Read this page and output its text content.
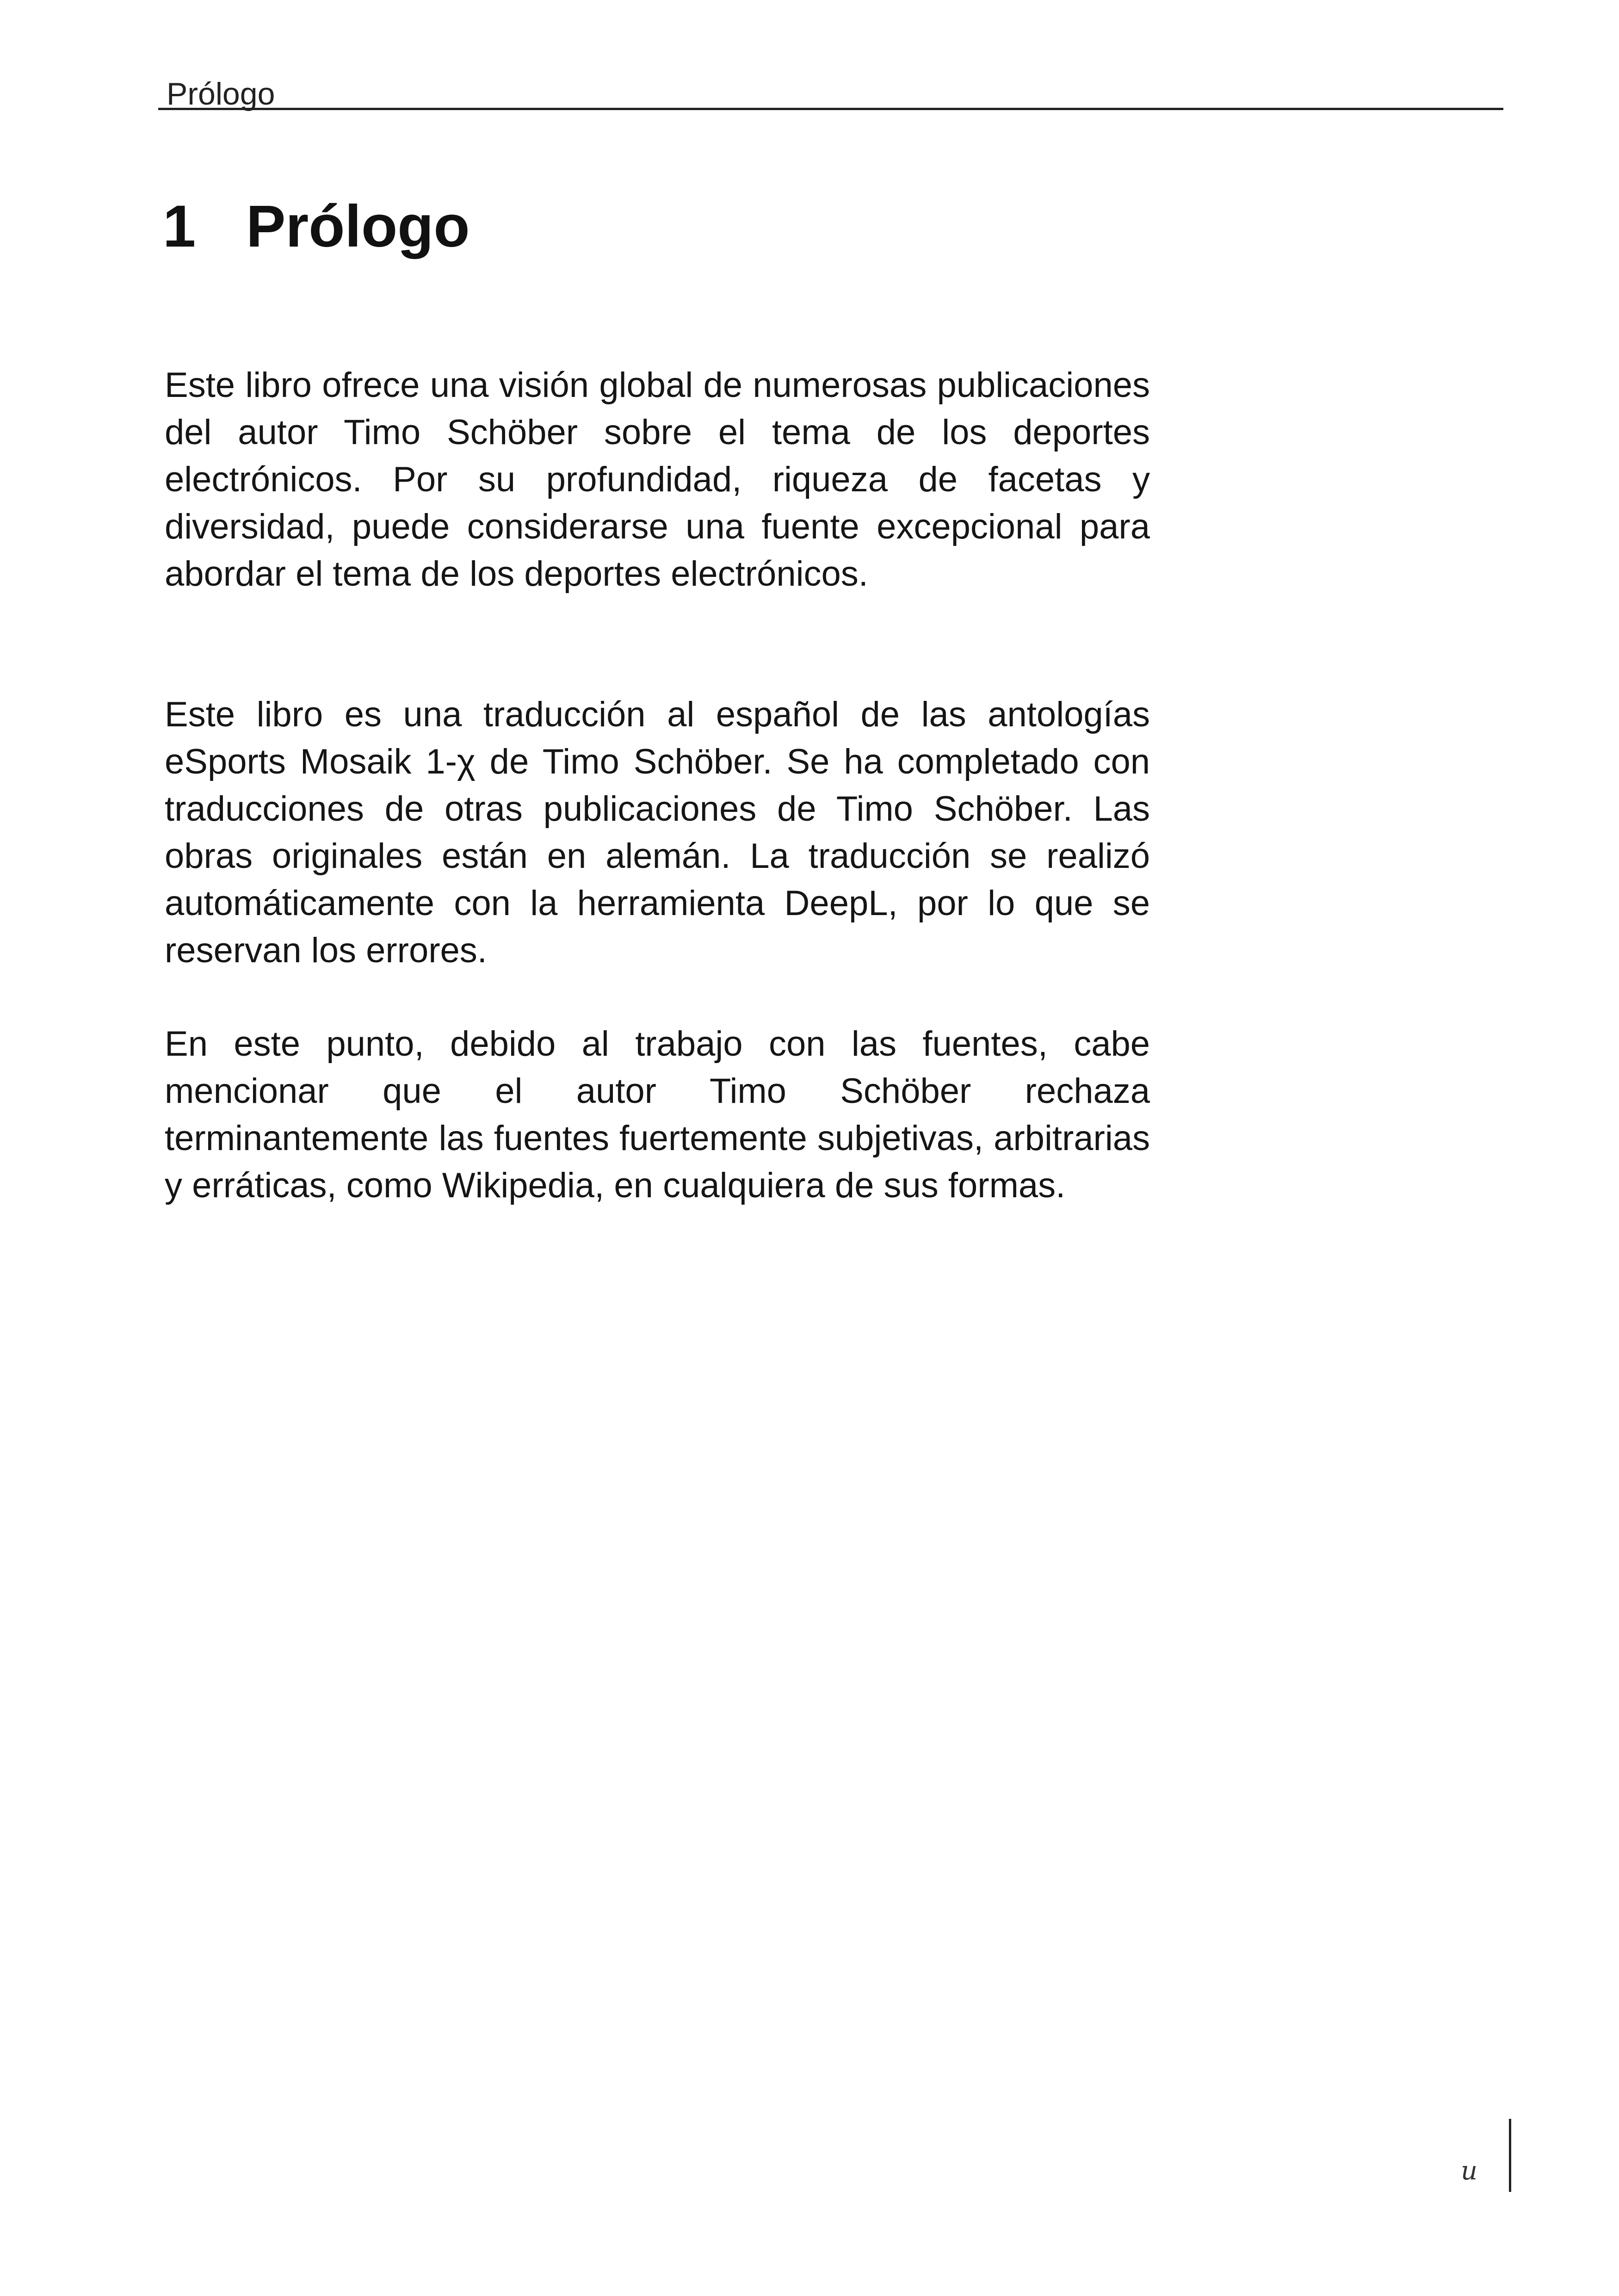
Prólogo
1 Prólogo

Este libro ofrece una visión global de numerosas publicaciones del autor Timo Schöber sobre el tema de los deportes electrónicos. Por su profundidad, riqueza de facetas y diversidad, puede considerarse una fuente excepcional para abordar el tema de los deportes electrónicos.

Este libro es una traducción al español de las antologías eSports Mosaik 1-χ de Timo Schöber. Se ha completado con traducciones de otras publicaciones de Timo Schöber. Las obras originales están en alemán. La traducción se realizó automáticamente con la herramienta DeepL, por lo que se reservan los errores.

En este punto, debido al trabajo con las fuentes, cabe mencionar que el autor Timo Schöber rechaza terminantemente las fuentes fuertemente subjetivas, arbitrarias y erráticas, como Wikipedia, en cualquiera de sus formas.

u
